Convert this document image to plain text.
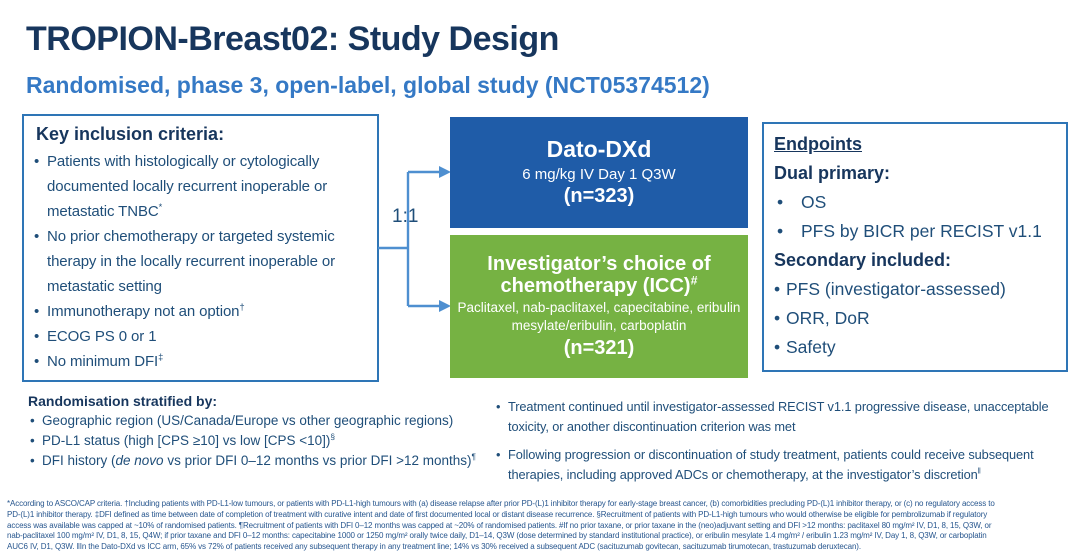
TROPION-Breast02: Study Design
Randomised, phase 3, open-label, global study (NCT05374512)
Key inclusion criteria:
• Patients with histologically or cytologically documented locally recurrent inoperable or metastatic TNBC*
• No prior chemotherapy or targeted systemic therapy in the locally recurrent inoperable or metastatic setting
• Immunotherapy not an option†
• ECOG PS 0 or 1
• No minimum DFI‡
1:1
Dato-DXd
6 mg/kg IV Day 1 Q3W
(n=323)
Investigator’s choice of chemotherapy (ICC)#
Paclitaxel, nab-paclitaxel, capecitabine, eribulin mesylate/eribulin, carboplatin
(n=321)
Endpoints
Dual primary:
• OS
• PFS by BICR per RECIST v1.1
Secondary included:
• PFS (investigator-assessed)
• ORR, DoR
• Safety
Randomisation stratified by:
• Geographic region (US/Canada/Europe vs other geographic regions)
• PD-L1 status (high [CPS ≥10] vs low [CPS <10])§
• DFI history (de novo vs prior DFI 0–12 months vs prior DFI >12 months)¶
• Treatment continued until investigator-assessed RECIST v1.1 progressive disease, unacceptable toxicity, or another discontinuation criterion was met
• Following progression or discontinuation of study treatment, patients could receive subsequent therapies, including approved ADCs or chemotherapy, at the investigator’s discretion‖
*According to ASCO/CAP criteria. †Including patients with PD-L1-low tumours, or patients with PD-L1-high tumours with (a) disease relapse after prior PD-(L)1 inhibitor therapy for early-stage breast cancer, (b) comorbidities precluding PD-(L)1 inhibitor therapy, or (c) no regulatory access to
PD-(L)1 inhibitor therapy. ‡DFI defined as time between date of completion of treatment with curative intent and date of first documented local or distant disease recurrence. §Recruitment of patients with PD-L1-high tumours who would otherwise be eligible for pembrolizumab if regulatory
access was available was capped at ~10% of randomised patients. ¶Recruitment of patients with DFI 0–12 months was capped at ~20% of randomised patients. #If no prior taxane, or prior taxane in the (neo)adjuvant setting and DFI >12 months: paclitaxel 80 mg/m² IV, D1, 8, 15, Q3W, or
nab-paclitaxel 100 mg/m² IV, D1, 8, 15, Q4W; if prior taxane and DFI 0–12 months: capecitabine 1000 or 1250 mg/m² orally twice daily, D1–14, Q3W (dose determined by standard institutional practice), or eribulin mesylate 1.4 mg/m² / eribulin 1.23 mg/m² IV, Day 1, 8, Q3W, or carboplatin
AUC6 IV, D1, Q3W. ‖In the Dato-DXd vs ICC arm, 65% vs 72% of patients received any subsequent therapy in any treatment line; 14% vs 30% received a subsequent ADC (sacituzumab govitecan, sacituzumab tirumotecan, trastuzumab deruxtecan).
